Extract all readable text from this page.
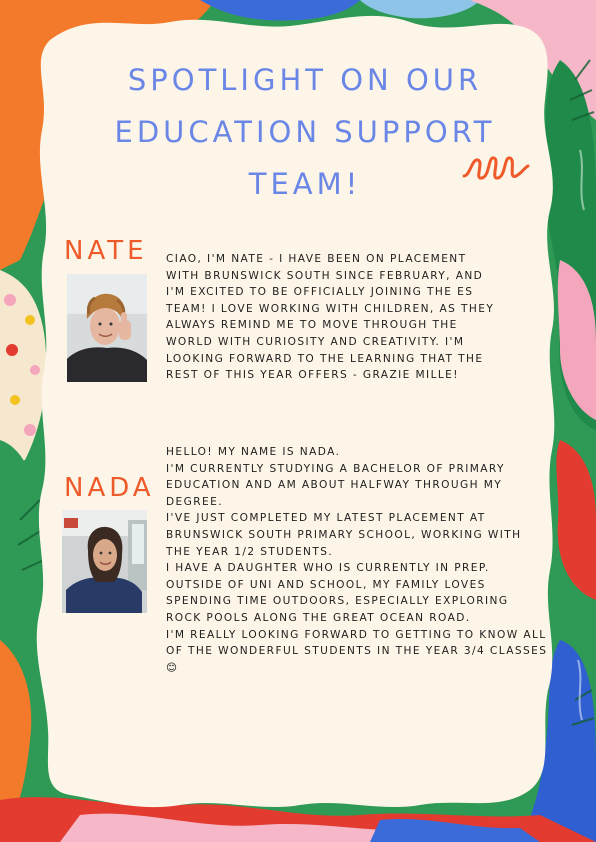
SPOTLIGHT ON OUR
EDUCATION SUPPORT
TEAM!
NATE CIAO, I'M NATE - I HAVE BEEN ON PLACEMENT WITH BRUNSWICK SOUTH SINCE FEBRUARY, AND I'M EXCITED TO BE OFFICIALLY JOINING THE ES TEAM! I LOVE WORKING WITH CHILDREN, AS THEY ALWAYS REMIND ME TO MOVE THROUGH THE WORLD WITH CURIOSITY AND CREATIVITY. I'M LOOKING FORWARD TO THE LEARNING THAT THE REST OF THIS YEAR OFFERS - GRAZIE MILLE!

NADA

HELLO! MY NAME IS NADA.

I'M CURRENTLY STUDYING A BACHELOR OF PRIMARY EDUCATION AND AM ABOUT HALFWAY THROUGH MY DEGREE.

I'VE JUST COMPLETED MY LATEST PLACEMENT AT BRUNSWICK SOUTH PRIMARY SCHOOL, WORKING WITH THE YEAR 1/2 STUDENTS.

I HAVE A DAUGHTER WHO IS CURRENTLY IN PREP. OUTSIDE OF UNI AND SCHOOL, MY FAMILY LOVES SPENDING TIME OUTDOORS, ESPECIALLY EXPLORING ROCK POOLS ALONG THE GREAT OCEAN ROAD.

I'M REALLY LOOKING FORWARD TO GETTING TO KNOW ALL OF THE WONDERFUL STUDENTS IN THE YEAR 3/4 CLASSES 😊
